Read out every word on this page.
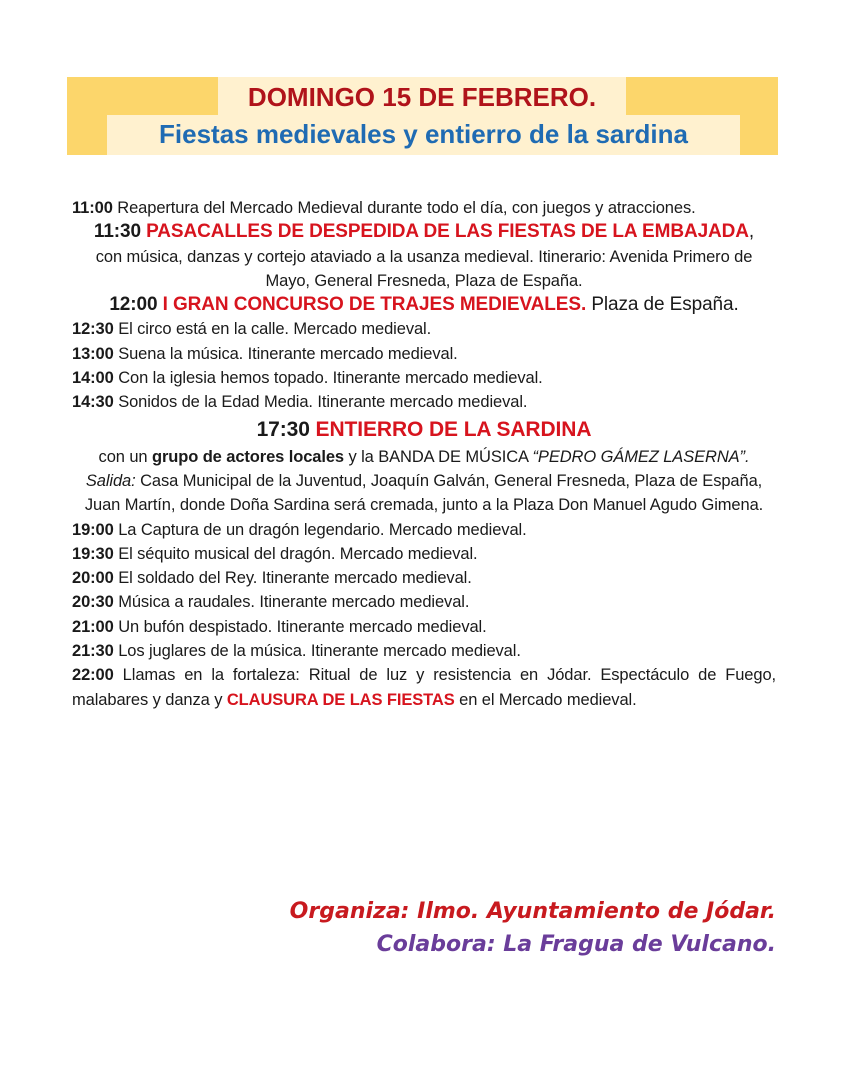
DOMINGO 15 DE FEBRERO.
Fiestas medievales y entierro de la sardina

11:00 Reapertura del Mercado Medieval durante todo el día, con juegos y atracciones.

11:30 PASACALLES DE DESPEDIDA DE LAS FIESTAS DE LA EMBAJADA,

con música, danzas y cortejo ataviado a la usanza medieval. Itinerario: Avenida Primero de Mayo, General Fresneda, Plaza de España.

12:00 I GRAN CONCURSO DE TRAJES MEDIEVALES. Plaza de España.

12:30 El circo está en la calle. Mercado medieval.

13:00 Suena la música. Itinerante mercado medieval.

14:00 Con la iglesia hemos topado. Itinerante mercado medieval.

14:30 Sonidos de la Edad Media. Itinerante mercado medieval.

17:30 ENTIERRO DE LA SARDINA

con un grupo de actores locales y la BANDA DE MÚSICA “PEDRO GÁMEZ LASERNA”. Salida: Casa Municipal de la Juventud, Joaquín Galván, General Fresneda, Plaza de España, Juan Martín, donde Doña Sardina será cremada, junto a la Plaza Don Manuel Agudo Gimena.

19:00 La Captura de un dragón legendario. Mercado medieval.

19:30 El séquito musical del dragón. Mercado medieval.

20:00 El soldado del Rey. Itinerante mercado medieval.

20:30 Música a raudales. Itinerante mercado medieval.

21:00 Un bufón despistado. Itinerante mercado medieval.

21:30 Los juglares de la música. Itinerante mercado medieval.

22:00 Llamas en la fortaleza: Ritual de luz y resistencia en Jódar. Espectáculo de Fuego, malabares y danza y CLAUSURA DE LAS FIESTAS en el Mercado medieval.

Organiza: Ilmo. Ayuntamiento de Jódar.
Colabora: La Fragua de Vulcano.
